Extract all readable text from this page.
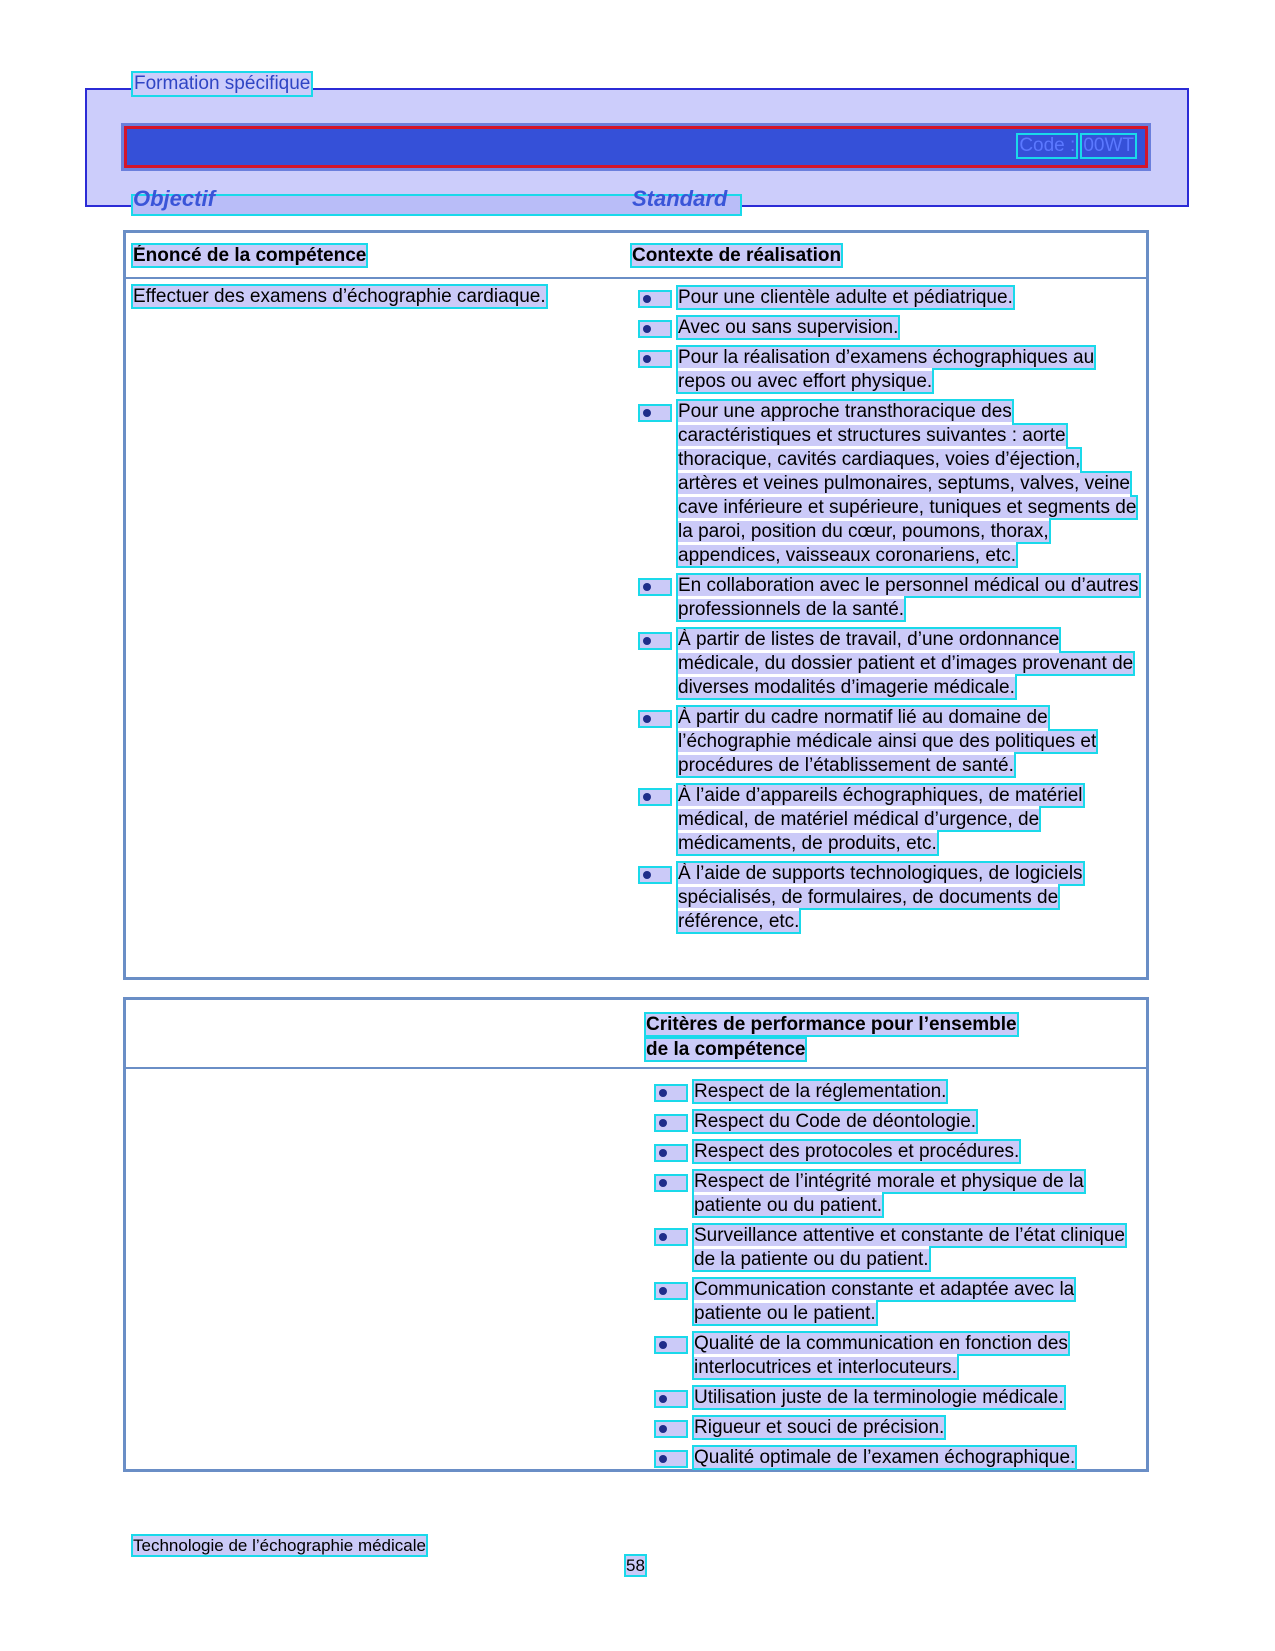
Formation spécifique
Code : 00WT
Objectif	Standard
Énoncé de la compétence	Contexte de réalisation
Effectuer des examens d’échographie cardiaque.	Pour une clientèle adulte et pédiatrique.
Avec ou sans supervision.
Pour la réalisation d’examens échographiques au repos ou avec effort physique.
Pour une approche transthoracique des caractéristiques et structures suivantes : aorte thoracique, cavités cardiaques, voies d’éjection, artères et veines pulmonaires, septums, valves, veine cave inférieure et supérieure, tuniques et segments de la paroi, position du cœur, poumons, thorax, appendices, vaisseaux coronariens, etc.
En collaboration avec le personnel médical ou d’autres professionnels de la santé.
À partir de listes de travail, d’une ordonnance médicale, du dossier patient et d’images provenant de diverses modalités d’imagerie médicale.
À partir du cadre normatif lié au domaine de l’échographie médicale ainsi que des politiques et procédures de l’établissement de santé.
À l’aide d’appareils échographiques, de matériel médical, de matériel médical d’urgence, de médicaments, de produits, etc.
À l’aide de supports technologiques, de logiciels spécialisés, de formulaires, de documents de référence, etc.
Critères de performance pour l’ensemble
de la compétence
Respect de la réglementation.
Respect du Code de déontologie.
Respect des protocoles et procédures.
Respect de l’intégrité morale et physique de la patiente ou du patient.
Surveillance attentive et constante de l’état clinique de la patiente ou du patient.
Communication constante et adaptée avec la patiente ou le patient.
Qualité de la communication en fonction des interlocutrices et interlocuteurs.
Utilisation juste de la terminologie médicale.
Rigueur et souci de précision.
Qualité optimale de l’examen échographique.
Technologie de l’échographie médicale
58
